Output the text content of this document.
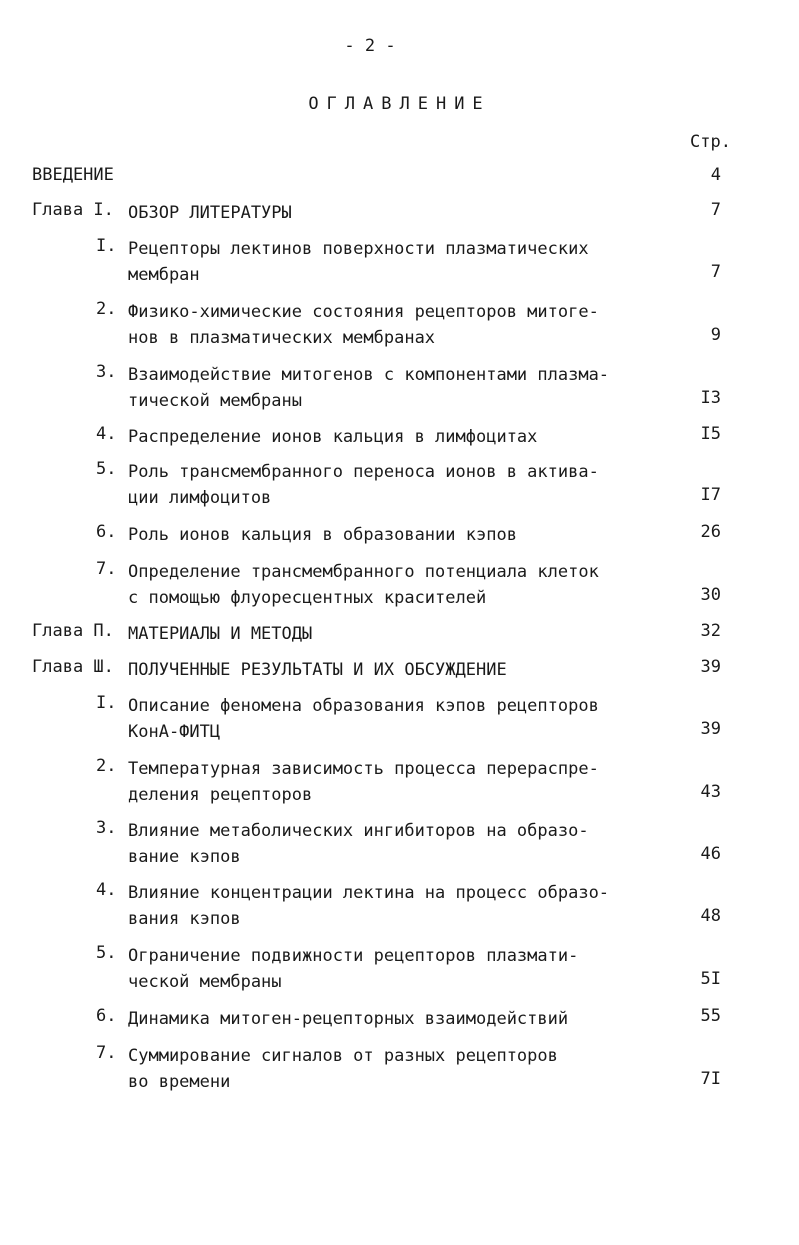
- 2 -
ОГЛАВЛЕНИЕ
Стр.
ВВЕДЕНИЕ	4
Глава I. ОБЗОР ЛИТЕРАТУРЫ	7
I. Рецепторы лектинов поверхности плазматических
мембран	7
2. Физико-химические состояния рецепторов митоге-
нов в плазматических мембранах	9
3. Взаимодействие митогенов с компонентами плазма-
тической мембраны	I3
4. Распределение ионов кальция в лимфоцитах	I5
5. Роль трансмембранного переноса ионов в активa-
ции лимфоцитов	I7
6. Роль ионов кальция в образовании кэпов	26
7. Определение трансмембранного потенциала клеток
с помощью флуоресцентных красителей	30
Глава П. МАТЕРИАЛЫ И МЕТОДЫ	32
Глава Ш. ПОЛУЧЕННЫЕ РЕЗУЛЬТАТЫ И ИХ ОБСУЖДЕНИЕ	39
I. Описание феномена образования кэпов рецепторов
КонА-ФИТЦ	39
2. Температурная зависимость процесса перераспре-
деления рецепторов	43
3. Влияние метаболических ингибиторов на образо-
вание кэпов	46
4. Влияние концентрации лектина на процесс образо-
вания кэпов	48
5. Ограничение подвижности рецепторов плазмати-
ческой мембраны	5I
6. Динамика митоген-рецепторных взаимодействий	55
7. Суммирование сигналов от разных рецепторов
во времени	7I
